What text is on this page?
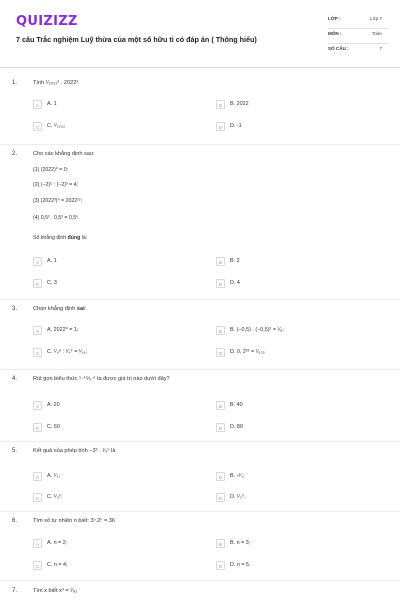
QUIZIZZ
7 câu Trắc nghiệm Luỹ thừa của một số hữu tỉ có đáp án ( Thông hiểu)
LỚP :	Lớp 7
MÔN :	Toán
SỐ CÂU :	7
1.	Tính ¹⁄₂₀₂₂² . 2022²
A	A. 1	B	B. 2022
C	C. ¹⁄₂₀₂₂	D	D. -1
2.	Cho các khẳng định sau:
(1) (2022)⁰ = 0;
(2) (−2)⁵ : (−2)³ = 4;
(3) (2022³)⁴ = 2022¹²;
(4) 0,5² . 0,5³ = 0,5⁶.
Số khẳng định đúng là:
A	A. 1	B	B. 2
C	C. 3	D	D. 4
3.	Chọn khẳng định sai:
A	A. 2022⁰ = 1;	B	B. (−0,5) . (−0,5)² = ¹⁄₈;
C	C. ¹⁄₄⁶ : ¹⁄₄⁴ = ¹⁄₁₆;	D	D. 0, 2²² = ¹⁄₆₂₅
4.	Rút gọn biểu thức ⁵·⁴⁵⁄₅·⁴ ta được giá trị nào dưới đây?
A	A. 20	B	B. 40
C	C. 60	D	D. 80
5.	Kết quả của phép tính −3³ . ¹⁄₃⁵ là
A	A. ¹⁄₃;	B	B. -¹⁄₃;
C	C. ¹⁄₃²;	D	D. ¹⁄₃³.
6.	Tìm số tự nhiên n biết: 3ⁿ.2ⁿ = 36
A	A. n = 2;	B	B. n = 3;
C	C. n = 4;	D	D. n = 5.
7.	Tìm x biết x³ = ¹⁄₈₁
